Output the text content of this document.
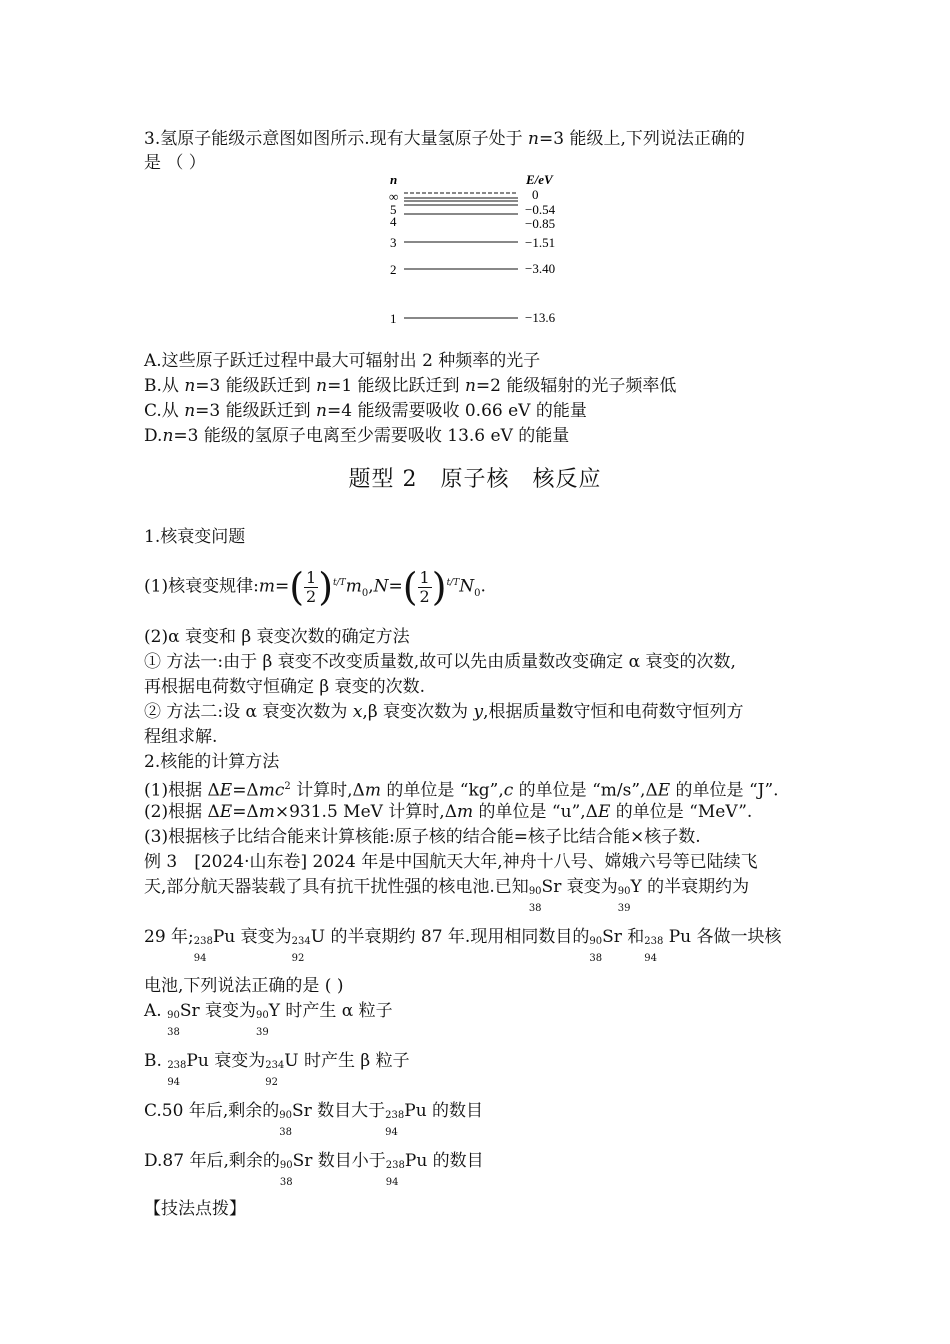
3.氢原子能级示意图如图所示.现有大量氢原子处于 n=3 能级上,下列说法正确的
是 （ ）
n	E/eV
∞
5
4
3
2
1
0
−0.54
−0.85
−1.51
−3.40
−13.6
A.这些原子跃迁过程中最大可辐射出 2 种频率的光子
B.从 n=3 能级跃迁到 n=1 能级比跃迁到 n=2 能级辐射的光子频率低
C.从 n=3 能级跃迁到 n=4 能级需要吸收 0.66 eV 的能量
D.n=3 能级的氢原子电离至少需要吸收 13.6 eV 的能量
题型 2　原子核　核反应
1.核衰变问题
(1)核衰变规律:m=( $\frac{1}{2} )^{t/T}m_0,N=( \frac{1}{2} )^{t/T}N_0$.
(2)α 衰变和 β 衰变次数的确定方法
① 方法一:由于 β 衰变不改变质量数,故可以先由质量数改变确定 α 衰变的次数,
再根据电荷数守恒确定 β 衰变的次数.
② 方法二:设 α 衰变次数为 x,β 衰变次数为 y,根据质量数守恒和电荷数守恒列方
程组求解.
2.核能的计算方法
(1)根据 ΔE=Δmc$^2$ 计算时,Δm 的单位是 “kg”,c 的单位是 “m/s”,ΔE 的单位是 “J”.
(2)根据 ΔE=Δm×931.5 MeV 计算时,Δm 的单位是 “u”,ΔE 的单位是 “MeV”.
(3)根据核子比结合能来计算核能:原子核的结合能=核子比结合能×核子数.
例 3　[2024·山东卷] 2024 年是中国航天大年,神舟十八号、嫦娥六号等已陆续飞
天,部分航天器装载了具有抗干扰性强的核电池.已知90
38
Sr 衰变为90
39
Y 的半衰期约为
29 年;238
94
Pu 衰变为234
92
U 的半衰期约 87 年.现用相同数目的90
38
Sr 和238
94
Pu 各做一块核
电池,下列说法正确的是 ( )
A. 90
38
Sr 衰变为90
39
Y 时产生 α 粒子
B. 238
94
Pu 衰变为234
92
U 时产生 β 粒子
C.50 年后,剩余的90
38
Sr 数目大于238
94
Pu 的数目
D.87 年后,剩余的90
38
Sr 数目小于238
94
Pu 的数目
【技法点拨】
